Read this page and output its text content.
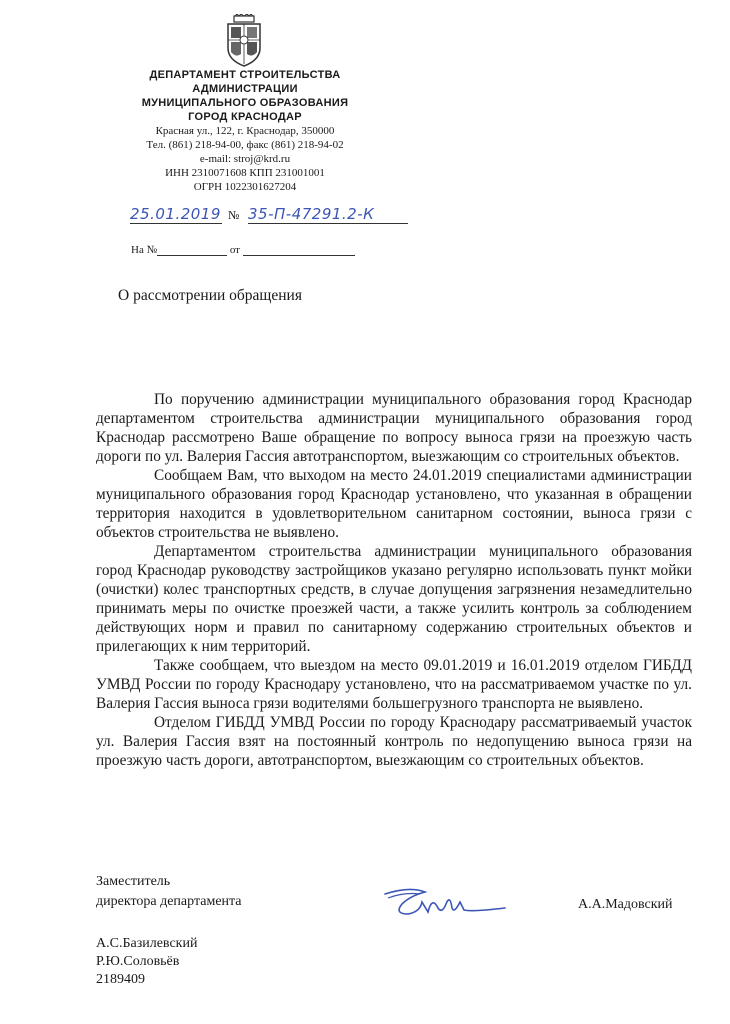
ДЕПАРТАМЕНТ СТРОИТЕЛЬСТВА
АДМИНИСТРАЦИИ
МУНИЦИПАЛЬНОГО ОБРАЗОВАНИЯ
ГОРОД КРАСНОДАР
Красная ул., 122, г. Краснодар, 350000
Тел. (861) 218-94-00, факс (861) 218-94-02
e-mail: stroj@krd.ru
ИНН 2310071608 КПП 231001001
ОГРН 1022301627204
25.01.2019 № 35-П-47291.2-К
На №	от
О рассмотрении обращения

По поручению администрации муниципального образования город Краснодар департаментом строительства администрации муниципального образования город Краснодар рассмотрено Ваше обращение по вопросу выноса грязи на проезжую часть дороги по ул. Валерия Гассия автотранспортом, выезжающим со строительных объектов.

Сообщаем Вам, что выходом на место 24.01.2019 специалистами администрации муниципального образования город Краснодар установлено, что указанная в обращении территория находится в удовлетворительном санитарном состоянии, выноса грязи с объектов строительства не выявлено.

Департаментом строительства администрации муниципального образования город Краснодар руководству застройщиков указано регулярно использовать пункт мойки (очистки) колес транспортных средств, в случае допущения загрязнения незамедлительно принимать меры по очистке проезжей части, а также усилить контроль за соблюдением действующих норм и правил по санитарному содержанию строительных объектов и прилегающих к ним территорий.

Также сообщаем, что выездом на место 09.01.2019 и 16.01.2019 отделом ГИБДД УМВД России по городу Краснодару установлено, что на рассматриваемом участке по ул. Валерия Гассия выноса грязи водителями большегрузного транспорта не выявлено.

Отделом ГИБДД УМВД России по городу Краснодару рассматриваемый участок ул. Валерия Гассия взят на постоянный контроль по недопущению выноса грязи на проезжую часть дороги, автотранспортом, выезжающим со строительных объектов.

Заместитель
директора департамента	А.А.Мадовский
А.С.Базилевский
Р.Ю.Соловьёв
2189409
